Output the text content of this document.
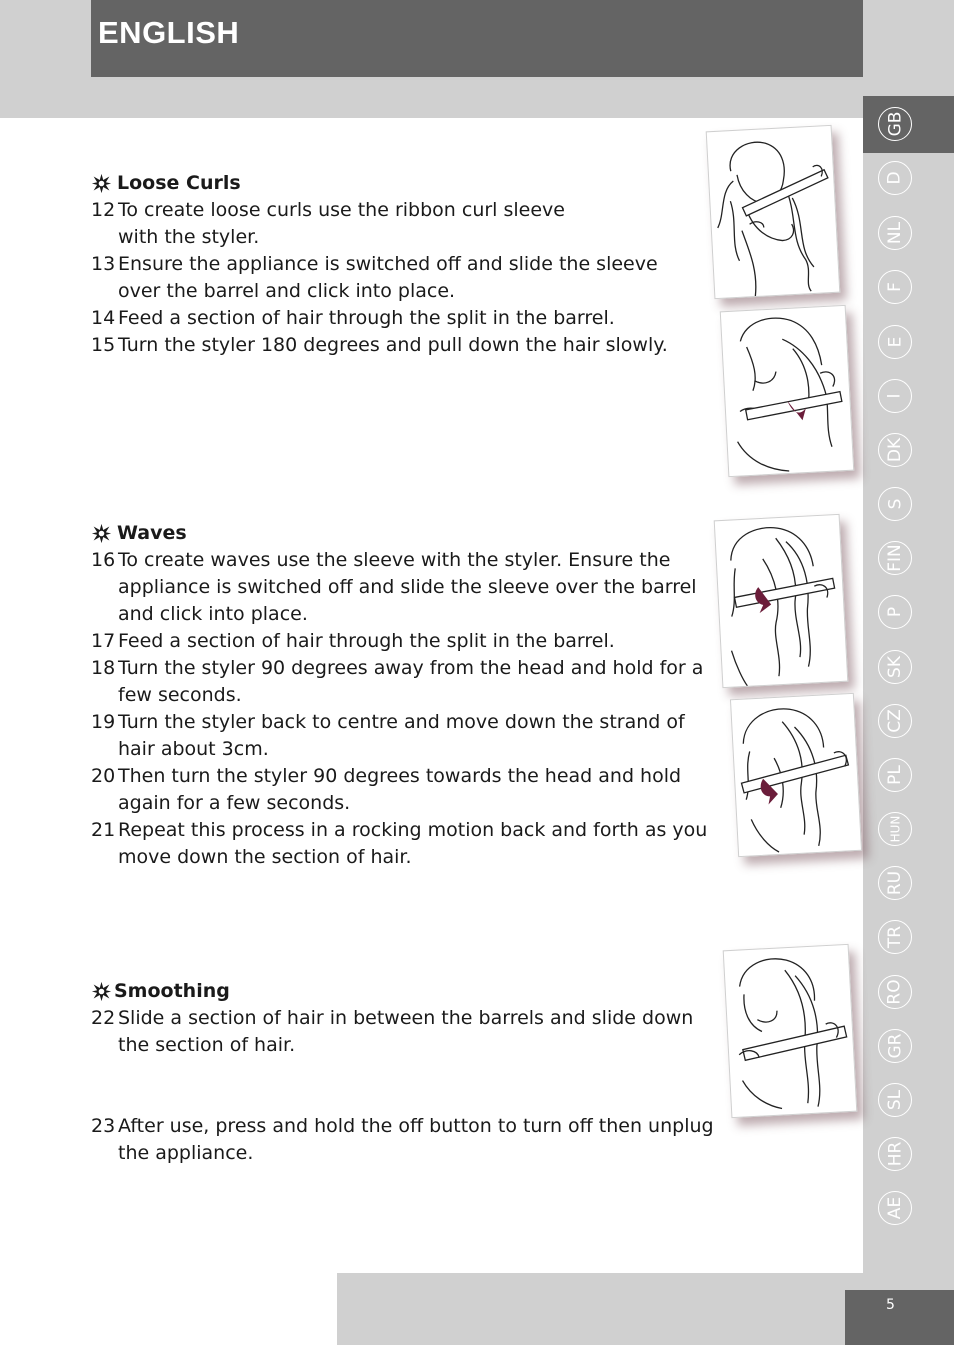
ENGLISH
GB
D
NL
F
E
I
DK
S
FIN
P
SK
CZ
PL
HUN
RU
TR
RO
GR
SL
HR
AE
Loose Curls
12 To create loose curls use the ribbon curl sleeve with the styler.
13 Ensure the appliance is switched off and slide the sleeve over the barrel and click into place.
14 Feed a section of hair through the split in the barrel.
15 Turn the styler 180 degrees and pull down the hair slowly.
Waves
16 To create waves use the sleeve with the styler. Ensure the appliance is switched off and slide the sleeve over the barrel and click into place.
17 Feed a section of hair through the split in the barrel.
18 Turn the styler 90 degrees away from the head and hold for a few seconds.
19 Turn the styler back to centre and move down the strand of hair about 3cm.
20 Then turn the styler 90 degrees towards the head and hold again for a few seconds.
21 Repeat this process in a rocking motion back and forth as you move down the section of hair.
Smoothing
22 Slide a section of hair in between the barrels and slide down the section of hair.
23 After use, press and hold the off button to turn off then unplug the appliance.
5
